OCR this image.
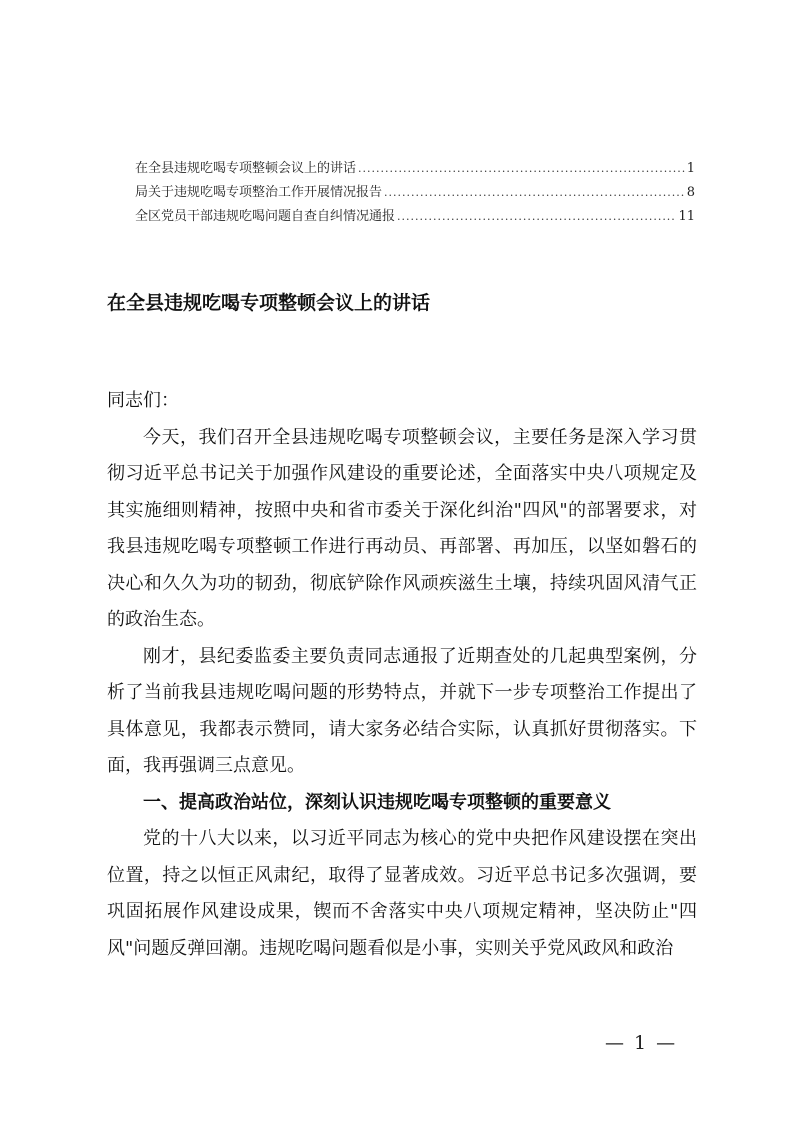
在全县违规吃喝专项整顿会议上的讲话 .....	1
局关于违规吃喝专项整治工作开展情况报告 .....	8
全区党员干部违规吃喝问题自查自纠情况通报 .....	11
在全县违规吃喝专项整顿会议上的讲话

同志们：

今天，我们召开全县违规吃喝专项整顿会议，主要任务是深入学习贯彻习近平总书记关于加强作风建设的重要论述，全面落实中央八项规定及其实施细则精神，按照中央和省市委关于深化纠治"四风"的部署要求，对我县违规吃喝专项整顿工作进行再动员、再部署、再加压，以坚如磐石的决心和久久为功的韧劲，彻底铲除作风顽疾滋生土壤，持续巩固风清气正的政治生态。

刚才，县纪委监委主要负责同志通报了近期查处的几起典型案例，分析了当前我县违规吃喝问题的形势特点，并就下一步专项整治工作提出了具体意见，我都表示赞同，请大家务必结合实际，认真抓好贯彻落实。下面，我再强调三点意见。

一、提高政治站位，深刻认识违规吃喝专项整顿的重要意义

党的十八大以来，以习近平同志为核心的党中央把作风建设摆在突出位置，持之以恒正风肃纪，取得了显著成效。习近平总书记多次强调，要巩固拓展作风建设成果，锲而不舍落实中央八项规定精神，坚决防止"四风"问题反弹回潮。违规吃喝问题看似是小事，实则关乎党风政风和政治

— 1 —
